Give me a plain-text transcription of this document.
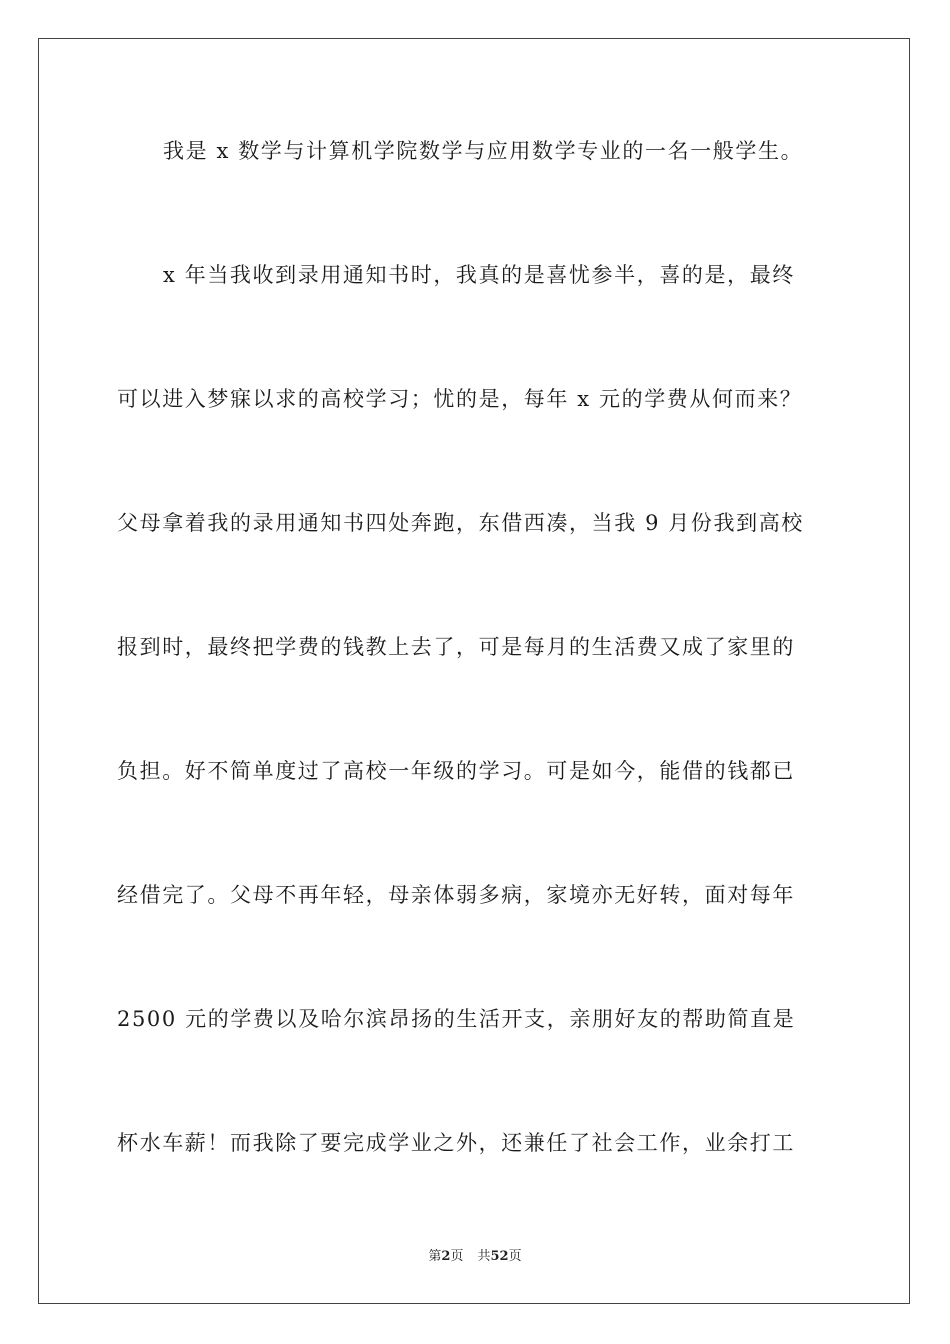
我是 x 数学与计算机学院数学与应用数学专业的一名一般学生。
x 年当我收到录用通知书时，我真的是喜忧参半，喜的是，最终
可以进入梦寐以求的高校学习；忧的是，每年 x 元的学费从何而来？
父母拿着我的录用通知书四处奔跑，东借西凑，当我 9 月份我到高校
报到时，最终把学费的钱教上去了，可是每月的生活费又成了家里的
负担。好不简单度过了高校一年级的学习。可是如今，能借的钱都已
经借完了。父母不再年轻，母亲体弱多病，家境亦无好转，面对每年
2500 元的学费以及哈尔滨昂扬的生活开支，亲朋好友的帮助简直是
杯水车薪！而我除了要完成学业之外，还兼任了社会工作，业余打工
第2页 共52页
